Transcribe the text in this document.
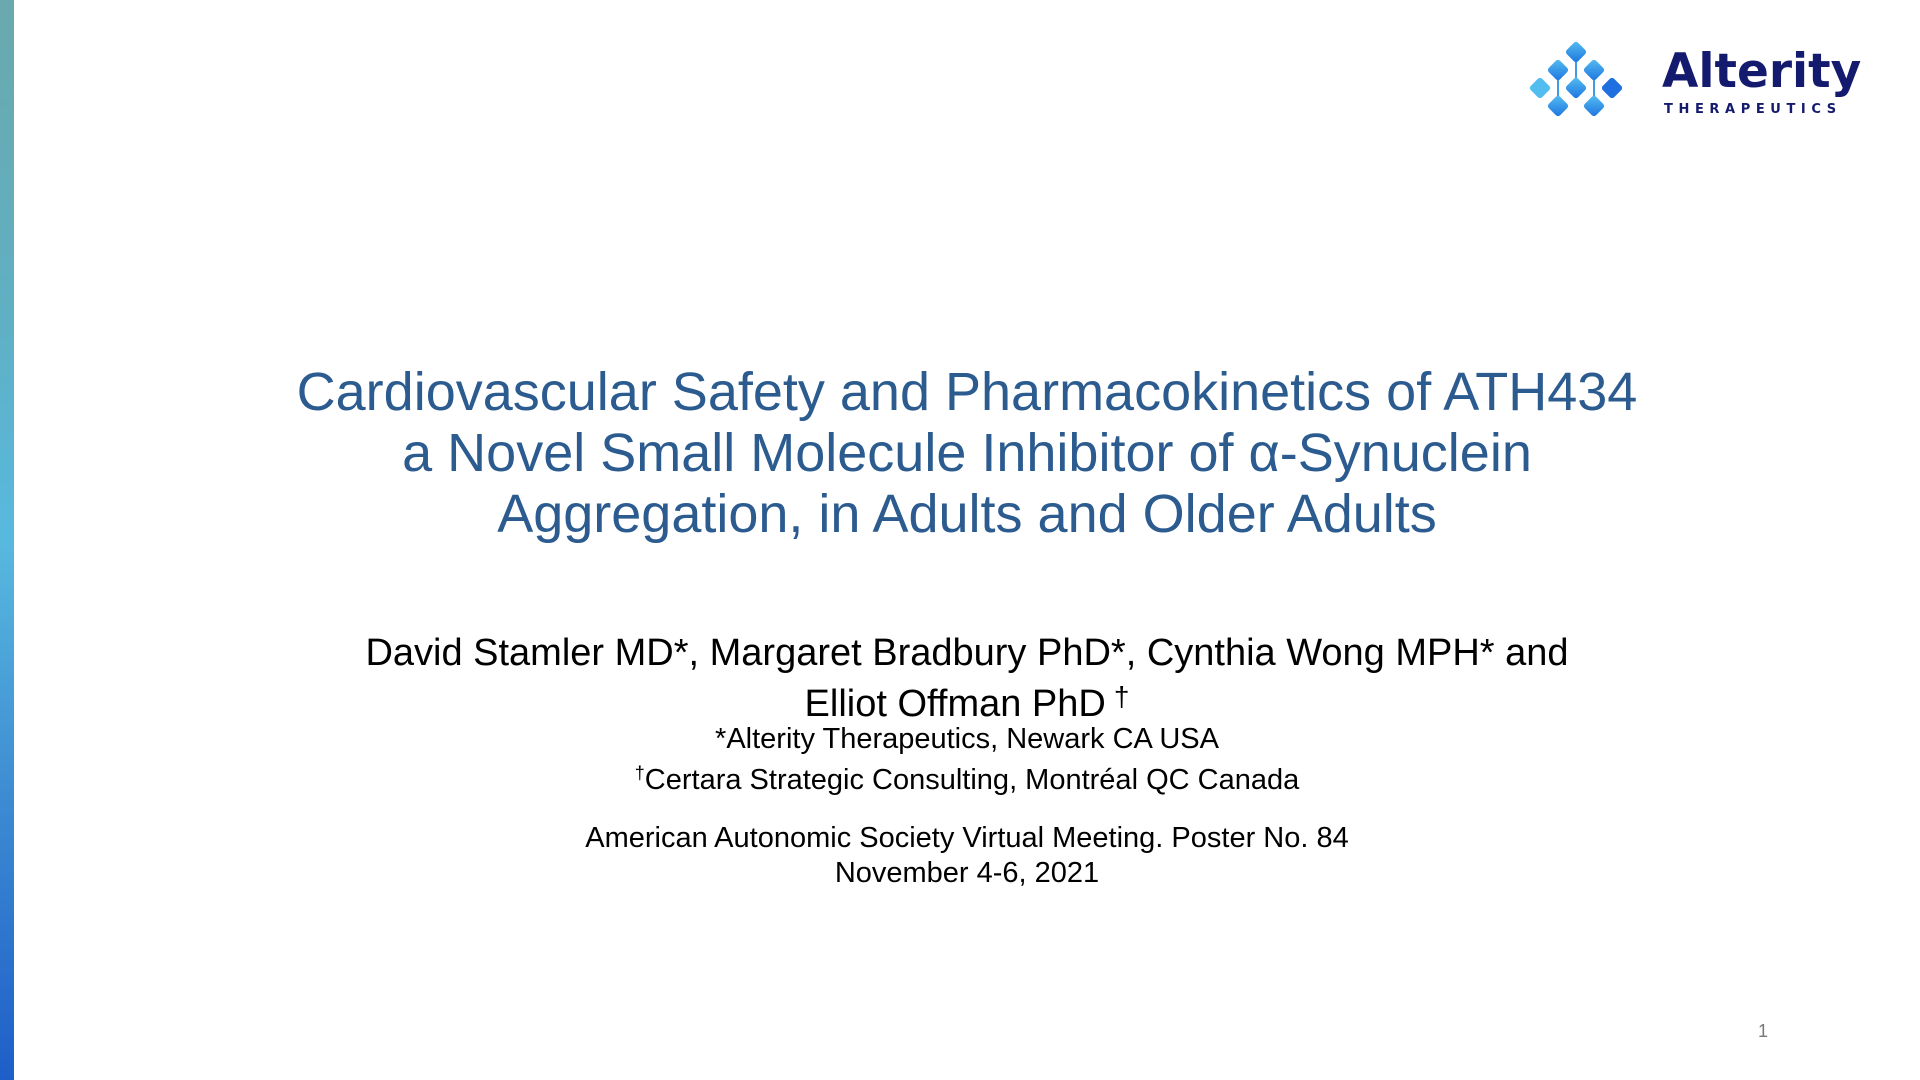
Alterity
THERAPEUTICS
Cardiovascular Safety and Pharmacokinetics of ATH434
a Novel Small Molecule Inhibitor of α-Synuclein
Aggregation, in Adults and Older Adults
David Stamler MD*, Margaret Bradbury PhD*, Cynthia Wong MPH* and
Elliot Offman PhD †
*Alterity Therapeutics, Newark CA USA
†Certara Strategic Consulting, Montréal QC Canada
American Autonomic Society Virtual Meeting. Poster No. 84
November 4-6, 2021
1
